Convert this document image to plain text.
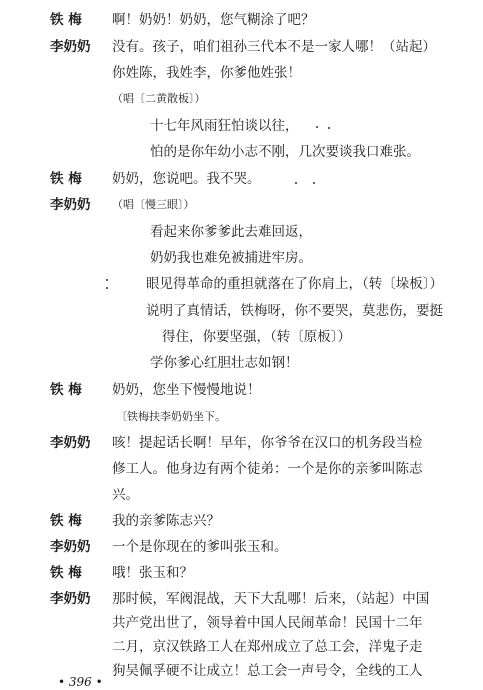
铁 梅	啊！奶奶！奶奶，您气糊涂了吧？
李奶奶	没有。孩子，咱们祖孙三代本不是一家人哪！（站起）
你姓陈，我姓李，你爹他姓张！
（唱〔二黄散板〕）
十七年风雨狂怕谈以往，
怕的是你年幼小志不刚，几次要谈我口难张。
铁 梅	奶奶，您说吧。我不哭。
李奶奶	（唱〔慢三眼〕）
看起来你爹爹此去难回返，
奶奶我也难免被捕进牢房。
眼见得革命的重担就落在了你肩上，（转〔垛板〕）
说明了真情话，铁梅呀，你不要哭，莫悲伤，要挺
得住，你要坚强，（转〔原板〕）
学你爹心红胆壮志如钢！
铁 梅	奶奶，您坐下慢慢地说！
〔铁梅扶李奶奶坐下。
李奶奶	咳！提起话长啊！早年，你爷爷在汉口的机务段当检
修工人。他身边有两个徒弟：一个是你的亲爹叫陈志
兴。
铁 梅	我的亲爹陈志兴？
李奶奶	一个是你现在的爹叫张玉和。
铁 梅	哦！张玉和？
李奶奶	那时候，军阀混战，天下大乱哪！后来，（站起）中国
共产党出世了，领导着中国人民闹革命！民国十二年
二月，京汉铁路工人在郑州成立了总工会，洋鬼子走
狗吴佩孚硬不让成立！总工会一声号令，全线的工人
• 396 •
